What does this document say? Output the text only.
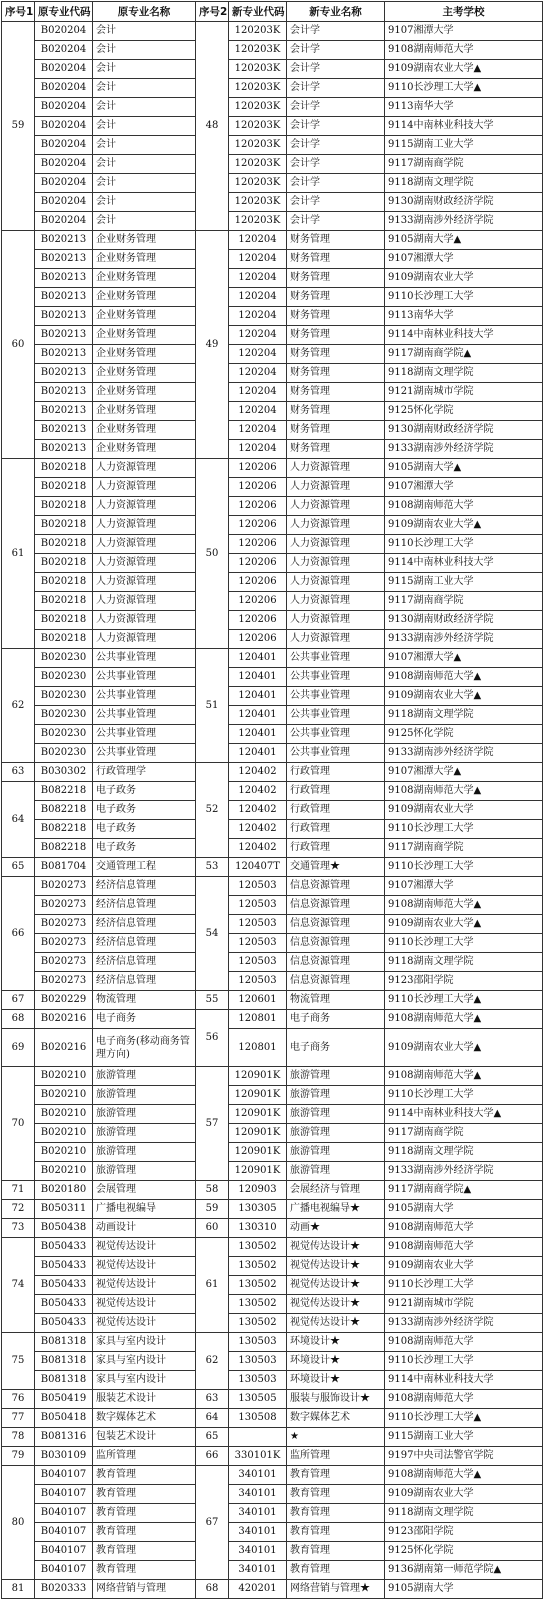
序号1	原专业代码	原专业名称	序号2	新专业代码	新专业名称	主考学校
59	B020204	会计	48	120203K	会计学	9107湘潭大学
	B020204	会计		120203K	会计学	9108湖南师范大学
	B020204	会计		120203K	会计学	9109湖南农业大学▲
	B020204	会计		120203K	会计学	9110长沙理工大学▲
	B020204	会计		120203K	会计学	9113南华大学
	B020204	会计		120203K	会计学	9114中南林业科技大学
	B020204	会计		120203K	会计学	9115湖南工业大学
	B020204	会计		120203K	会计学	9117湖南商学院
	B020204	会计		120203K	会计学	9118湖南文理学院
	B020204	会计		120203K	会计学	9130湖南财政经济学院
	B020204	会计		120203K	会计学	9133湖南涉外经济学院
60	B020213	企业财务管理	49	120204	财务管理	9105湖南大学▲
	B020213	企业财务管理		120204	财务管理	9107湘潭大学
	B020213	企业财务管理		120204	财务管理	9109湖南农业大学
	B020213	企业财务管理		120204	财务管理	9110长沙理工大学
	B020213	企业财务管理		120204	财务管理	9113南华大学
	B020213	企业财务管理		120204	财务管理	9114中南林业科技大学
	B020213	企业财务管理		120204	财务管理	9117湖南商学院▲
	B020213	企业财务管理		120204	财务管理	9118湖南文理学院
	B020213	企业财务管理		120204	财务管理	9121湖南城市学院
	B020213	企业财务管理		120204	财务管理	9125怀化学院
	B020213	企业财务管理		120204	财务管理	9130湖南财政经济学院
	B020213	企业财务管理		120204	财务管理	9133湖南涉外经济学院
61	B020218	人力资源管理	50	120206	人力资源管理	9105湖南大学▲
	B020218	人力资源管理		120206	人力资源管理	9107湘潭大学
	B020218	人力资源管理		120206	人力资源管理	9108湖南师范大学
	B020218	人力资源管理		120206	人力资源管理	9109湖南农业大学▲
	B020218	人力资源管理		120206	人力资源管理	9110长沙理工大学
	B020218	人力资源管理		120206	人力资源管理	9114中南林业科技大学
	B020218	人力资源管理		120206	人力资源管理	9115湖南工业大学
	B020218	人力资源管理		120206	人力资源管理	9117湖南商学院
	B020218	人力资源管理		120206	人力资源管理	9130湖南财政经济学院
	B020218	人力资源管理		120206	人力资源管理	9133湖南涉外经济学院
62	B020230	公共事业管理	51	120401	公共事业管理	9107湘潭大学▲
	B020230	公共事业管理		120401	公共事业管理	9108湖南师范大学▲
	B020230	公共事业管理		120401	公共事业管理	9109湖南农业大学▲
	B020230	公共事业管理		120401	公共事业管理	9118湖南文理学院
	B020230	公共事业管理		120401	公共事业管理	9125怀化学院
	B020230	公共事业管理		120401	公共事业管理	9133湖南涉外经济学院
63	B030302	行政管理学	52	120402	行政管理	9107湘潭大学▲
64	B082218	电子政务		120402	行政管理	9108湖南师范大学▲
	B082218	电子政务		120402	行政管理	9109湖南农业大学
	B082218	电子政务		120402	行政管理	9110长沙理工大学
	B082218	电子政务		120402	行政管理	9117湖南商学院
65	B081704	交通管理工程	53	120407T	交通管理★	9110长沙理工大学
66	B020273	经济信息管理	54	120503	信息资源管理	9107湘潭大学
	B020273	经济信息管理		120503	信息资源管理	9108湖南师范大学▲
	B020273	经济信息管理		120503	信息资源管理	9109湖南农业大学▲
	B020273	经济信息管理		120503	信息资源管理	9110长沙理工大学
	B020273	经济信息管理		120503	信息资源管理	9118湖南文理学院
	B020273	经济信息管理		120503	信息资源管理	9123邵阳学院
67	B020229	物流管理	55	120601	物流管理	9110长沙理工大学▲
68	B020216	电子商务	56	120801	电子商务	9108湖南师范大学▲
69	B020216	电子商务(移动商务管理方向)		120801	电子商务	9109湖南农业大学▲
70	B020210	旅游管理	57	120901K	旅游管理	9108湖南师范大学▲
	B020210	旅游管理		120901K	旅游管理	9110长沙理工大学
	B020210	旅游管理		120901K	旅游管理	9114中南林业科技大学▲
	B020210	旅游管理		120901K	旅游管理	9117湖南商学院
	B020210	旅游管理		120901K	旅游管理	9118湖南文理学院
	B020210	旅游管理		120901K	旅游管理	9133湖南涉外经济学院
71	B020180	会展管理	58	120903	会展经济与管理	9117湖南商学院▲
72	B050311	广播电视编导	59	130305	广播电视编导★	9105湖南大学
73	B050438	动画设计	60	130310	动画★	9108湖南师范大学
74	B050433	视觉传达设计	61	130502	视觉传达设计★	9108湖南师范大学
	B050433	视觉传达设计		130502	视觉传达设计★	9109湖南农业大学
	B050433	视觉传达设计		130502	视觉传达设计★	9110长沙理工大学
	B050433	视觉传达设计		130502	视觉传达设计★	9121湖南城市学院
	B050433	视觉传达设计		130502	视觉传达设计★	9133湖南涉外经济学院
75	B081318	家具与室内设计	62	130503	环境设计★	9108湖南师范大学
	B081318	家具与室内设计		130503	环境设计★	9110长沙理工大学
	B081318	家具与室内设计		130503	环境设计★	9114中南林业科技大学
76	B050419	服装艺术设计	63	130505	服装与服饰设计★	9108湖南师范大学
77	B050418	数字媒体艺术	64	130508	数字媒体艺术	9110长沙理工大学▲
78	B081316	包装艺术设计	65		★	9115湖南工业大学
79	B030109	监所管理	66	330101K	监所管理	9197中央司法警官学院
80	B040107	教育管理	67	340101	教育管理	9108湖南师范大学▲
	B040107	教育管理		340101	教育管理	9109湖南农业大学
	B040107	教育管理		340101	教育管理	9118湖南文理学院
	B040107	教育管理		340101	教育管理	9123邵阳学院
	B040107	教育管理		340101	教育管理	9125怀化学院
	B040107	教育管理		340101	教育管理	9136湖南第一师范学院▲
81	B020333	网络营销与管理	68	420201	网络营销与管理★	9105湖南大学
